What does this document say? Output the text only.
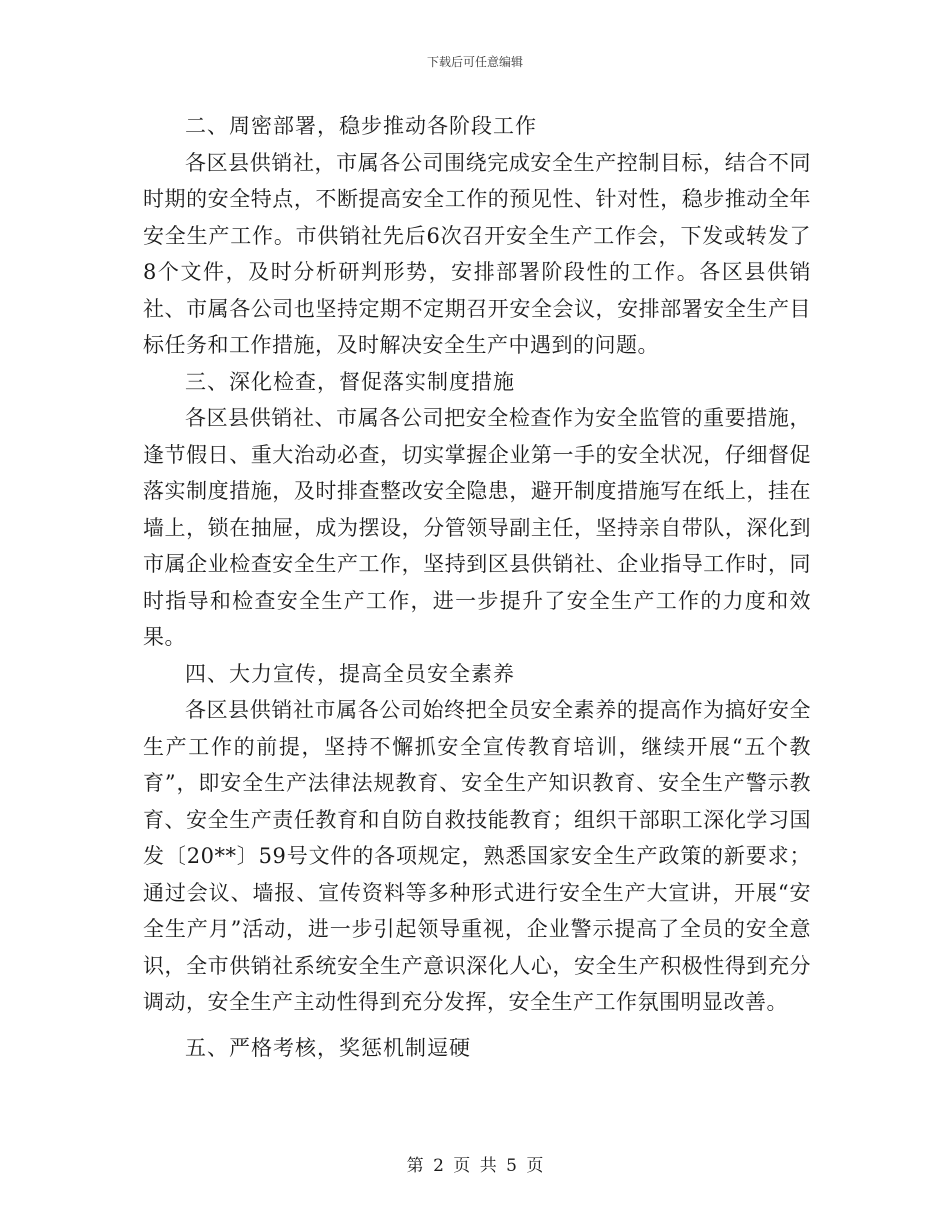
下载后可任意编辑

二、周密部署，稳步推动各阶段工作

各区县供销社，市属各公司围绕完成安全生产控制目标，结合不同时期的安全特点，不断提高安全工作的预见性、针对性，稳步推动全年安全生产工作。市供销社先后6次召开安全生产工作会，下发或转发了8个文件，及时分析研判形势，安排部署阶段性的工作。各区县供销社、市属各公司也坚持定期不定期召开安全会议，安排部署安全生产目标任务和工作措施，及时解决安全生产中遇到的问题。

三、深化检查，督促落实制度措施

各区县供销社、市属各公司把安全检查作为安全监管的重要措施，逢节假日、重大治动必查，切实掌握企业第一手的安全状况，仔细督促落实制度措施，及时排查整改安全隐患，避开制度措施写在纸上，挂在墙上，锁在抽屉，成为摆设，分管领导副主任，坚持亲自带队，深化到市属企业检查安全生产工作，坚持到区县供销社、企业指导工作时，同时指导和检查安全生产工作，进一步提升了安全生产工作的力度和效果。

四、大力宣传，提高全员安全素养

各区县供销社市属各公司始终把全员安全素养的提高作为搞好安全生产工作的前提，坚持不懈抓安全宣传教育培训，继续开展“五个教育”，即安全生产法律法规教育、安全生产知识教育、安全生产警示教育、安全生产责任教育和自防自救技能教育；组织干部职工深化学习国发〔20**〕59号文件的各项规定，熟悉国家安全生产政策的新要求；通过会议、墙报、宣传资料等多种形式进行安全生产大宣讲，开展“安全生产月”活动，进一步引起领导重视，企业警示提高了全员的安全意识，全市供销社系统安全生产意识深化人心，安全生产积极性得到充分调动，安全生产主动性得到充分发挥，安全生产工作氛围明显改善。

五、严格考核，奖惩机制逗硬

第 2 页 共 5 页
